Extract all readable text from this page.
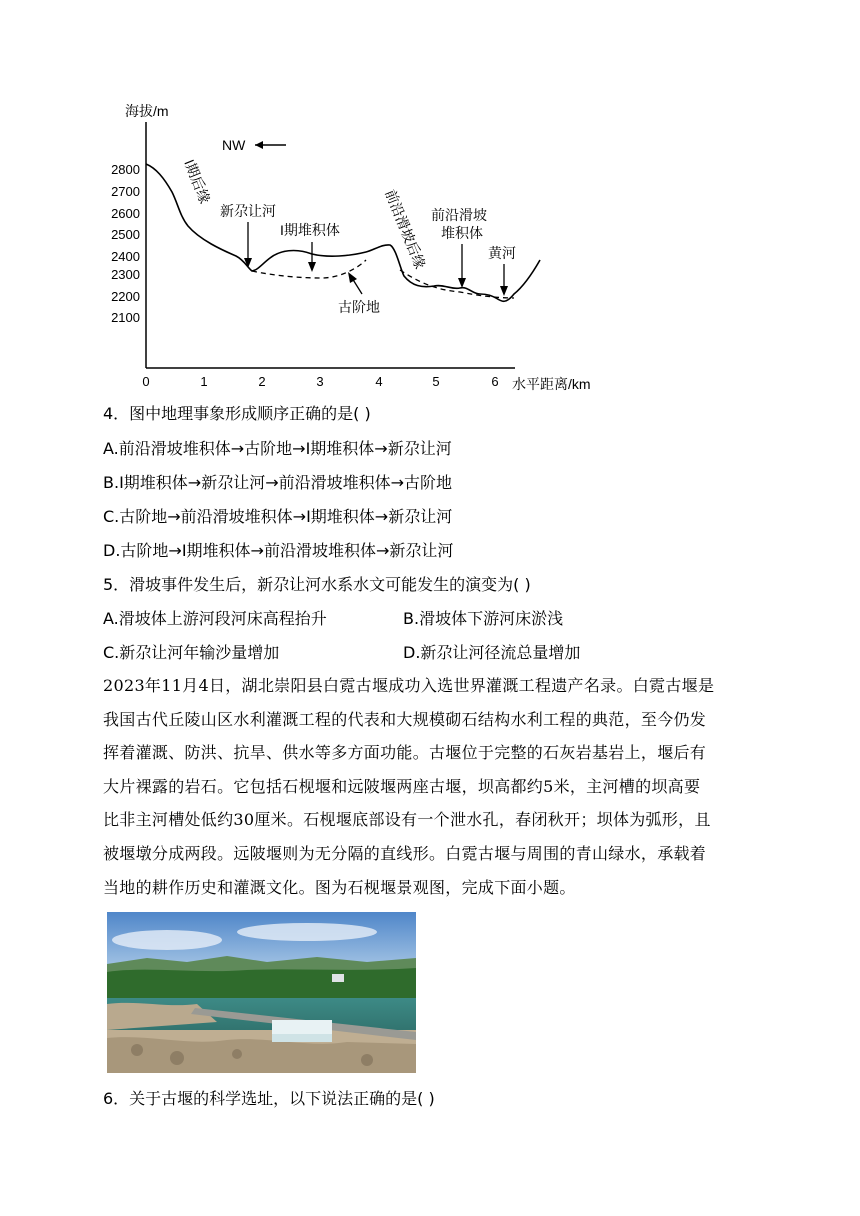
海拔/m
水平距离/km
2800
2700
2600
2500
2400
2300
2200
2100
0	1	2	3	4	5	6
NW
I期后缘
新尕让河
I期堆积体	前沿滑坡后缘 前沿滑坡
堆积体
黄河
古阶地
4．图中地理事象形成顺序正确的是( )
A.前沿滑坡堆积体→古阶地→I期堆积体→新尕让河
B.I期堆积体→新尕让河→前沿滑坡堆积体→古阶地
C.古阶地→前沿滑坡堆积体→I期堆积体→新尕让河
D.古阶地→I期堆积体→前沿滑坡堆积体→新尕让河
5．滑坡事件发生后，新尕让河水系水文可能发生的演变为( )
A.滑坡体上游河段河床高程抬升	B.滑坡体下游河床淤浅
C.新尕让河年输沙量增加	D.新尕让河径流总量增加

2023年11月4日，湖北崇阳县白霓古堰成功入选世界灌溉工程遗产名录。白霓古堰是

我国古代丘陵山区水利灌溉工程的代表和大规模砌石结构水利工程的典范，至今仍发

挥着灌溉、防洪、抗旱、供水等多方面功能。古堰位于完整的石灰岩基岩上，堰后有

大片裸露的岩石。它包括石枧堰和远陂堰两座古堰，坝高都约5米，主河槽的坝高要

比非主河槽处低约30厘米。石枧堰底部设有一个泄水孔，春闭秋开；坝体为弧形，且

被堰墩分成两段。远陂堰则为无分隔的直线形。白霓古堰与周围的青山绿水，承载着

当地的耕作历史和灌溉文化。图为石枧堰景观图，完成下面小题。

6．关于古堰的科学选址，以下说法正确的是( )
